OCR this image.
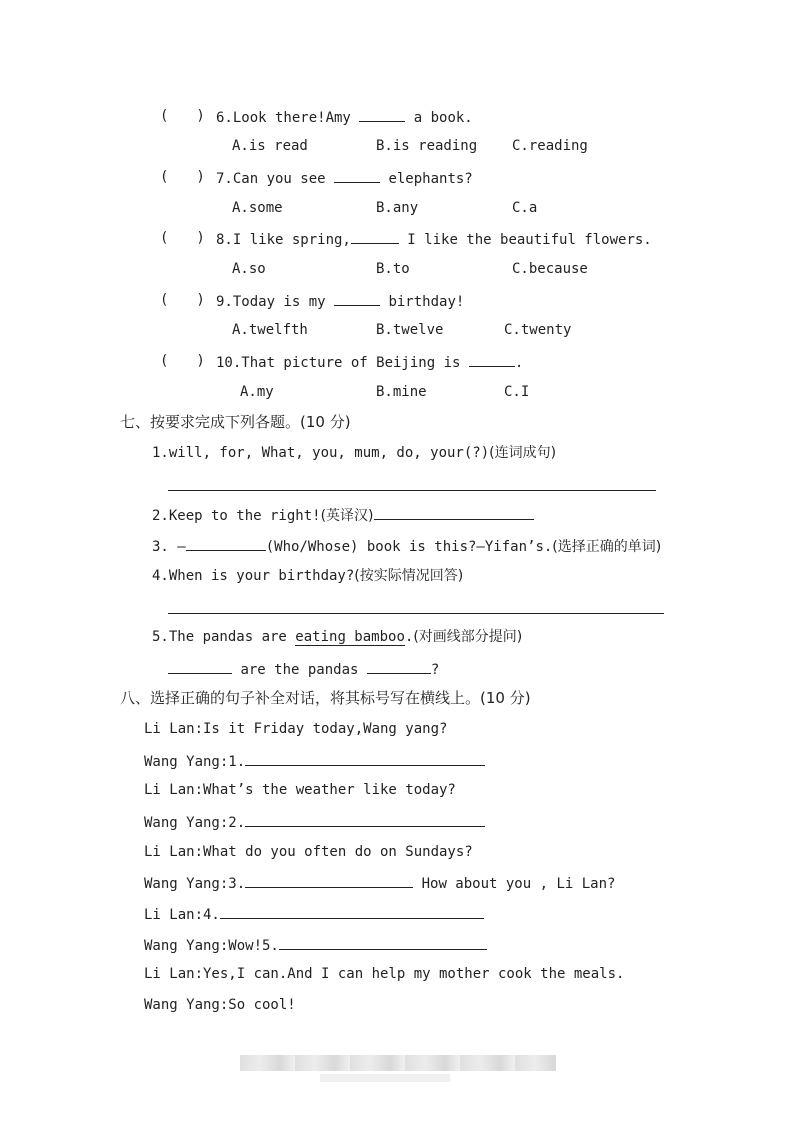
(　　) 6.Look there!Amy	a book.
A.is read	B.is reading C.reading
(　　) 7.Can you see	elephants?
A.some	B.any	C.a
(　　) 8.I like spring,	I like the beautiful flowers.
A.so	B.to	C.because
(　　) 9.Today is my	birthday!
A.twelfth	B.twelve	C.twenty
(　　) 10.That picture of Beijing is	.
A.my	B.mine	C.I
七、按要求完成下列各题。(10 分)
1.will, for, What, you, mum, do, your(?)(连词成句)
2.Keep to the right!(英译汉)
3. —	(Who/Whose) book is this?—Yifan’s.(选择正确的单词)
4.When is your birthday?(按实际情况回答)
5.The pandas are eating bamboo.(对画线部分提问)
are the pandas	?
八、选择正确的句子补全对话，将其标号写在横线上。(10 分)
Li Lan:Is it Friday today,Wang yang?
Wang Yang:1.
Li Lan:What’s the weather like today?
Wang Yang:2.
Li Lan:What do you often do on Sundays?
Wang Yang:3.	How about you , Li Lan?
Li Lan:4.
Wang Yang:Wow!5.
Li Lan:Yes,I can.And I can help my mother cook the meals.
Wang Yang:So cool!
